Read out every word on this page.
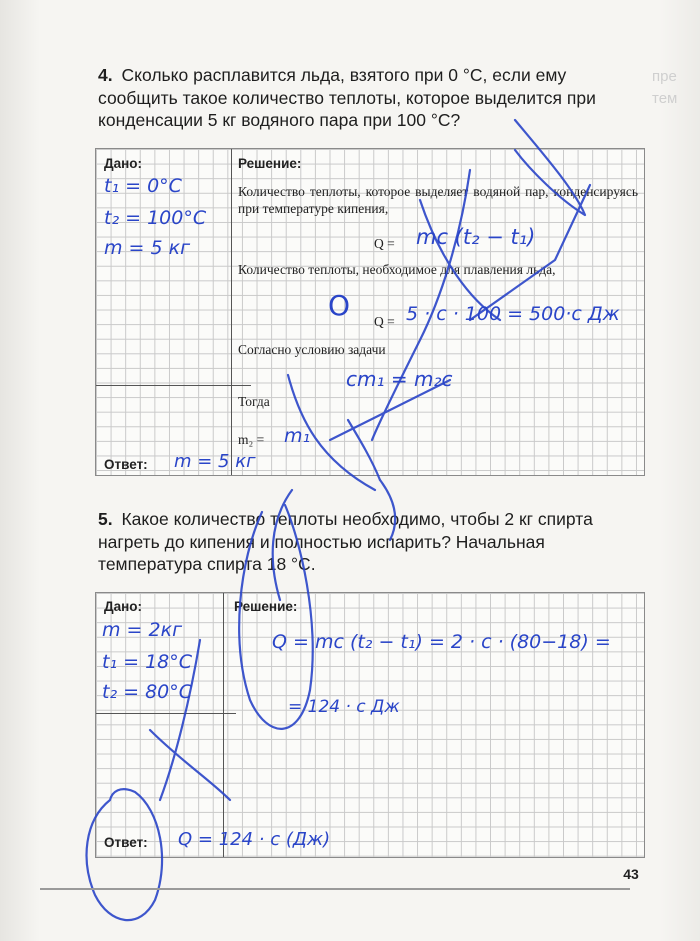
пре
тем
4. Сколько расплавится льда, взятого при 0 °С, если ему сообщить такое количество теплоты, которое выделится при конденсации 5 кг водяного пара при 100 °С?
Дано:	Решение:
Ответ:
t₁ = 0°C
t₂ = 100°C
m = 5 кг
Количество теплоты, которое выделяет водяной пар, конденсируясь при температуре кипения,
Q = mc (t₂ − t₁)
Количество теплоты, необходимое для плавления льда,
Q = 5 · c · 100 = 500·c Дж
Согласно условию задачи
cm₁ = m₂c
Тогда
m₂ = m₁
m = 5 кг
O
5. Какое количество теплоты необходимо, чтобы 2 кг спирта нагреть до кипения и полностью испарить? Начальная температура спирта 18 °С.
Дано:	Решение:
Ответ:
m = 2кг
t₁ = 18°C
t₂ = 80°C
Q = mc (t₂ − t₁) = 2 · c · (80−18) =
= 124 · c Дж
Q = 124 · c (Дж)
43
